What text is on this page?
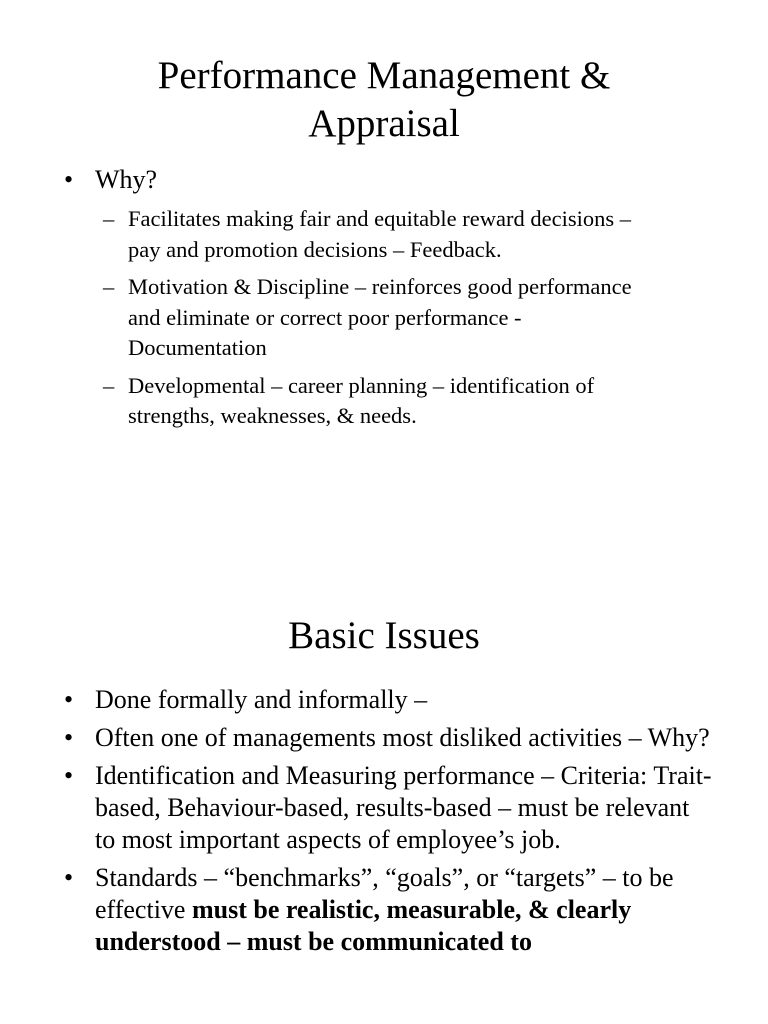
Performance Management &
Appraisal
• Why?
– Facilitates making fair and equitable reward decisions – pay and promotion decisions – Feedback.
– Motivation & Discipline – reinforces good performance and eliminate or correct poor performance - Documentation
– Developmental – career planning – identification of strengths, weaknesses, & needs.
Basic Issues
• Done formally and informally –
• Often one of managements most disliked activities – Why?
• Identification and Measuring performance – Criteria: Trait-based, Behaviour-based, results-based – must be relevant to most important aspects of employee’s job.
• Standards – “benchmarks”, “goals”, or “targets” – to be effective must be realistic, measurable, & clearly understood – must be communicated to
